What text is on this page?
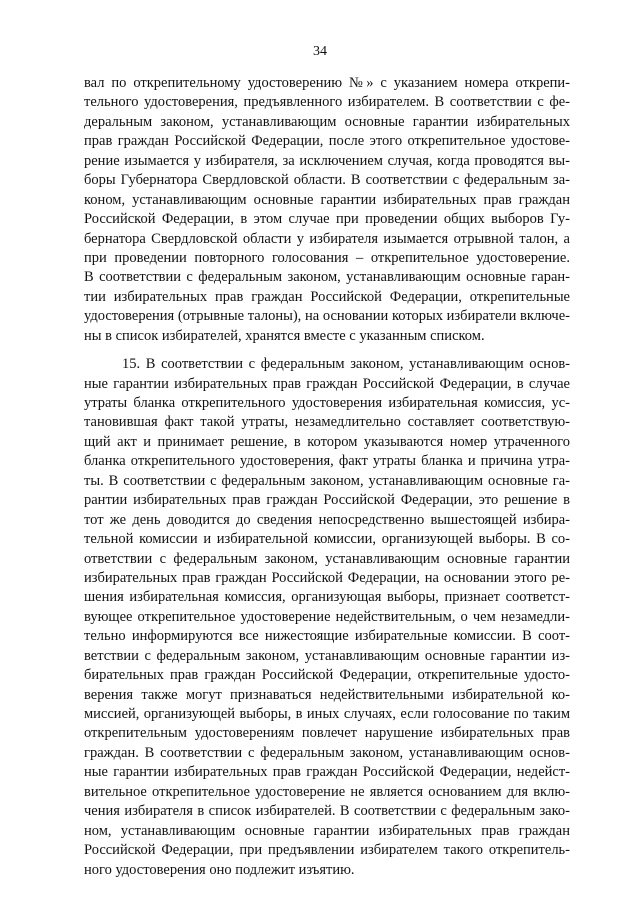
34
вал по открепительному удостоверению №» с указанием номера открепи-
тельного удостоверения, предъявленного избирателем. В соответствии с фе-
деральным законом, устанавливающим основные гарантии избирательных
прав граждан Российской Федерации, после этого открепительное удостове-
рение изымается у избирателя, за исключением случая, когда проводятся вы-
боры Губернатора Свердловской области. В соответствии с федеральным за-
коном, устанавливающим основные гарантии избирательных прав граждан
Российской Федерации, в этом случае при проведении общих выборов Гу-
бернатора Свердловской области у избирателя изымается отрывной талон, а
при проведении повторного голосования – открепительное удостоверение.
В соответствии с федеральным законом, устанавливающим основные гаран-
тии избирательных прав граждан Российской Федерации, открепительные
удостоверения (отрывные талоны), на основании которых избиратели включе-
ны в список избирателей, хранятся вместе с указанным списком.
15. В соответствии с федеральным законом, устанавливающим основ-
ные гарантии избирательных прав граждан Российской Федерации, в случае
утраты бланка открепительного удостоверения избирательная комиссия, ус-
тановившая факт такой утраты, незамедлительно составляет соответствую-
щий акт и принимает решение, в котором указываются номер утраченного
бланка открепительного удостоверения, факт утраты бланка и причина утра-
ты. В соответствии с федеральным законом, устанавливающим основные га-
рантии избирательных прав граждан Российской Федерации, это решение в
тот же день доводится до сведения непосредственно вышестоящей избира-
тельной комиссии и избирательной комиссии, организующей выборы. В со-
ответствии с федеральным законом, устанавливающим основные гарантии
избирательных прав граждан Российской Федерации, на основании этого ре-
шения избирательная комиссия, организующая выборы, признает соответст-
вующее открепительное удостоверение недействительным, о чем незамедли-
тельно информируются все нижестоящие избирательные комиссии. В соот-
ветствии с федеральным законом, устанавливающим основные гарантии из-
бирательных прав граждан Российской Федерации, открепительные удосто-
верения также могут признаваться недействительными избирательной ко-
миссией, организующей выборы, в иных случаях, если голосование по таким
открепительным удостоверениям повлечет нарушение избирательных прав
граждан. В соответствии с федеральным законом, устанавливающим основ-
ные гарантии избирательных прав граждан Российской Федерации, недейст-
вительное открепительное удостоверение не является основанием для вклю-
чения избирателя в список избирателей. В соответствии с федеральным зако-
ном, устанавливающим основные гарантии избирательных прав граждан
Российской Федерации, при предъявлении избирателем такого открепитель-
ного удостоверения оно подлежит изъятию.
